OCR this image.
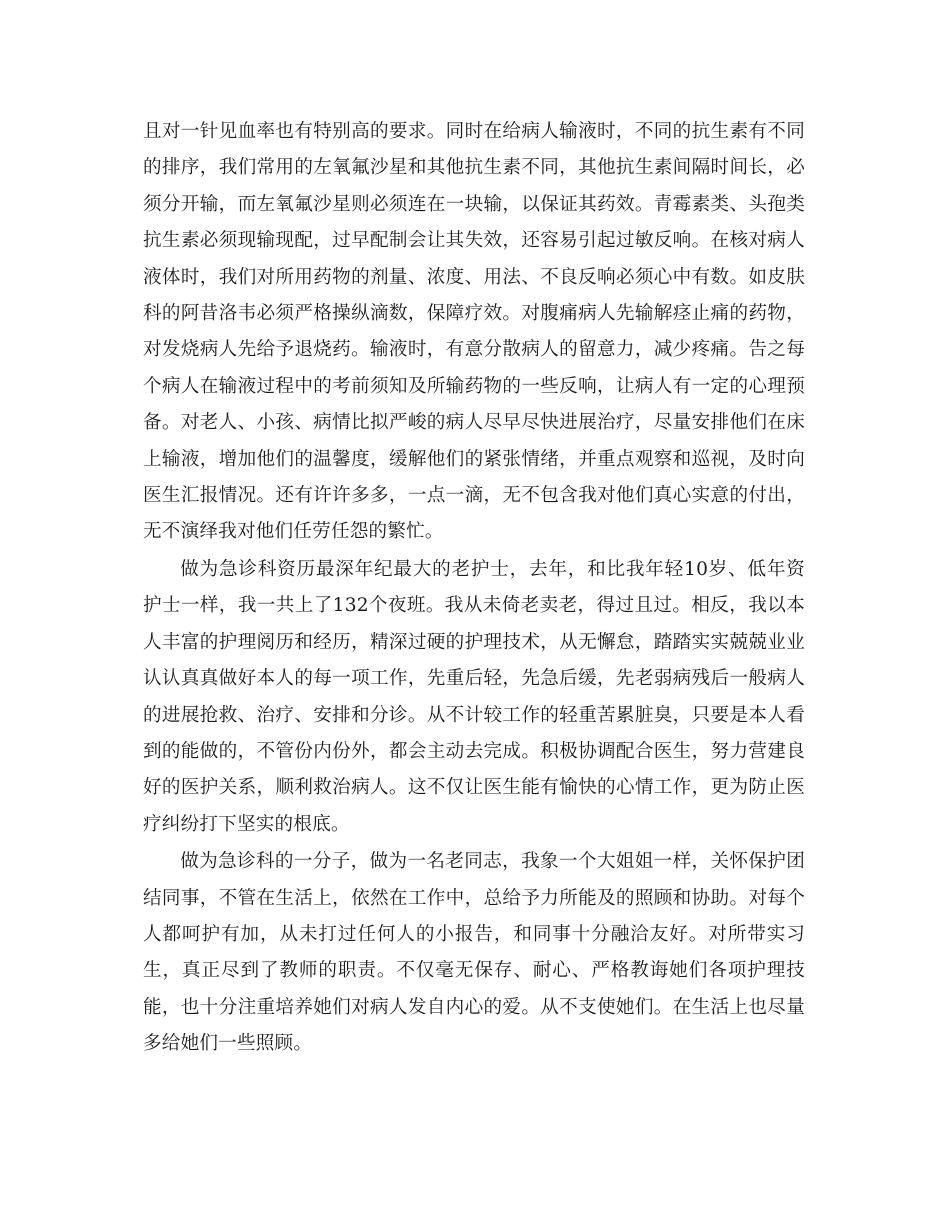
且对一针见血率也有特别高的要求。同时在给病人输液时，不同的抗生素有不同的排序，我们常用的左氧氟沙星和其他抗生素不同，其他抗生素间隔时间长，必须分开输，而左氧氟沙星则必须连在一块输，以保证其药效。青霉素类、头孢类抗生素必须现输现配，过早配制会让其失效，还容易引起过敏反响。在核对病人液体时，我们对所用药物的剂量、浓度、用法、不良反响必须心中有数。如皮肤科的阿昔洛韦必须严格操纵滴数，保障疗效。对腹痛病人先输解痉止痛的药物，对发烧病人先给予退烧药。输液时，有意分散病人的留意力，减少疼痛。告之每个病人在输液过程中的考前须知及所输药物的一些反响，让病人有一定的心理预备。对老人、小孩、病情比拟严峻的病人尽早尽快进展治疗，尽量安排他们在床上输液，增加他们的温馨度，缓解他们的紧张情绪，并重点观察和巡视，及时向医生汇报情况。还有许许多多，一点一滴，无不包含我对他们真心实意的付出，无不演绎我对他们任劳任怨的繁忙。

做为急诊科资历最深年纪最大的老护士，去年，和比我年轻10岁、低年资护士一样，我一共上了132个夜班。我从未倚老卖老，得过且过。相反，我以本人丰富的护理阅历和经历，精深过硬的护理技术，从无懈怠，踏踏实实兢兢业业认认真真做好本人的每一项工作，先重后轻，先急后缓，先老弱病残后一般病人的进展抢救、治疗、安排和分诊。从不计较工作的轻重苦累脏臭，只要是本人看到的能做的，不管份内份外，都会主动去完成。积极协调配合医生，努力营建良好的医护关系，顺利救治病人。这不仅让医生能有愉快的心情工作，更为防止医疗纠纷打下坚实的根底。

做为急诊科的一分子，做为一名老同志，我象一个大姐姐一样，关怀保护团结同事，不管在生活上，依然在工作中，总给予力所能及的照顾和协助。对每个人都呵护有加，从未打过任何人的小报告，和同事十分融洽友好。对所带实习生，真正尽到了教师的职责。不仅毫无保存、耐心、严格教诲她们各项护理技能，也十分注重培养她们对病人发自内心的爱。从不支使她们。在生活上也尽量多给她们一些照顾。
